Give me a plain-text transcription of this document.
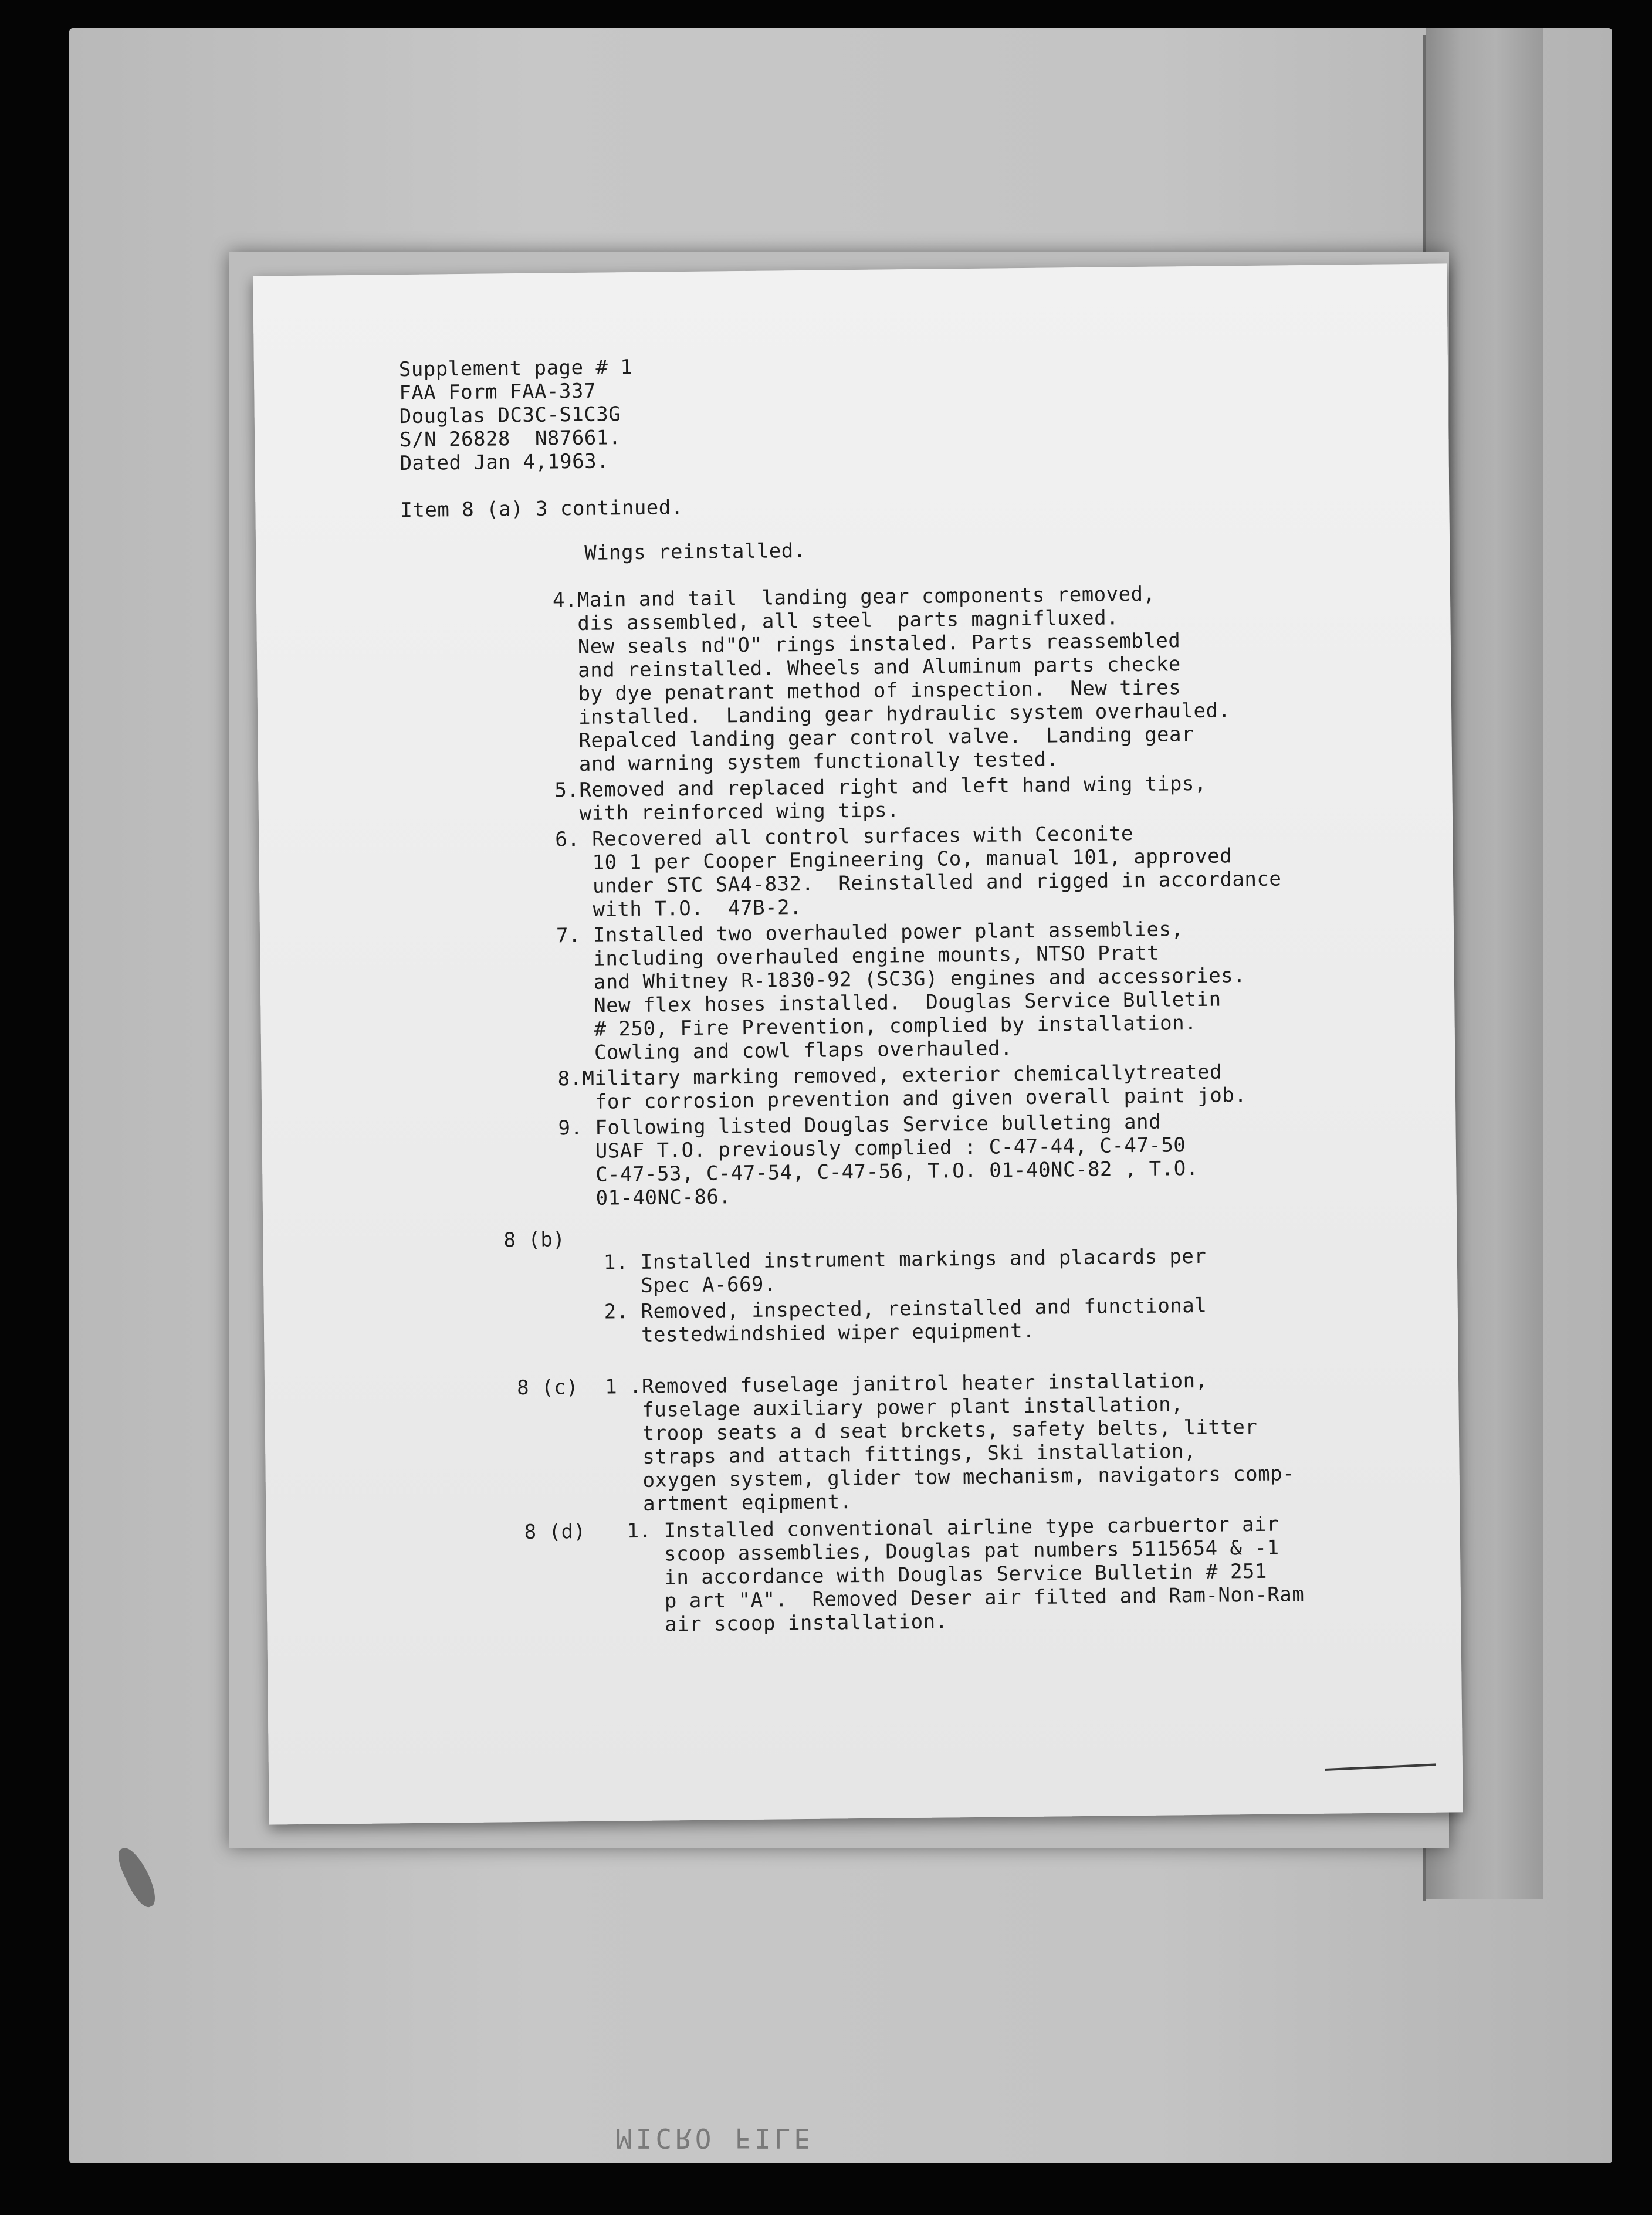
MICRO FILE
Supplement page # 1
FAA Form FAA-337
Douglas DC3C-S1C3G
S/N 26828  N87661.
Dated Jan 4,1963.
Item 8 (a) 3 continued.
Wings reinstalled.
4.Main and tail  landing gear components removed,
dis assembled, all steel  parts magnifluxed.
New seals nd"O" rings instaled. Parts reassembled
and reinstalled. Wheels and Aluminum parts checke
by dye penatrant method of inspection.  New tires
installed.  Landing gear hydraulic system overhauled.
Repalced landing gear control valve.  Landing gear
and warning system functionally tested.
5.Removed and replaced right and left hand wing tips,
with reinforced wing tips.
6. Recovered all control surfaces with Ceconite
10 1 per Cooper Engineering Co, manual 101, approved
under STC SA4-832.  Reinstalled and rigged in accordance
with T.O.  47B-2.
7. Installed two overhauled power plant assemblies,
including overhauled engine mounts, NTSO Pratt
and Whitney R-1830-92 (SC3G) engines and accessories.
New flex hoses installed.  Douglas Service Bulletin
# 250, Fire Prevention, complied by installation.
Cowling and cowl flaps overhauled.
8.Military marking removed, exterior chemicallytreated
for corrosion prevention and given overall paint job.
9. Following listed Douglas Service bulleting and
USAF T.O. previously complied : C-47-44, C-47-50
C-47-53, C-47-54, C-47-56, T.O. 01-40NC-82 , T.O.
01-40NC-86.
8 (b)
1. Installed instrument markings and placards per
Spec A-669.
2. Removed, inspected, reinstalled and functional
testedwindshied wiper equipment.
8 (c) 1 .Removed fuselage janitrol heater installation,
fuselage auxiliary power plant installation,
troop seats a d seat brckets, safety belts, litter
straps and attach fittings, Ski installation,
oxygen system, glider tow mechanism, navigators comp-
artment eqipment.
8 (d) 1. Installed conventional airline type carbuertor air
scoop assemblies, Douglas pat numbers 5115654 & -1
in accordance with Douglas Service Bulletin # 251
p art "A".  Removed Deser air filted and Ram-Non-Ram
air scoop installation.
